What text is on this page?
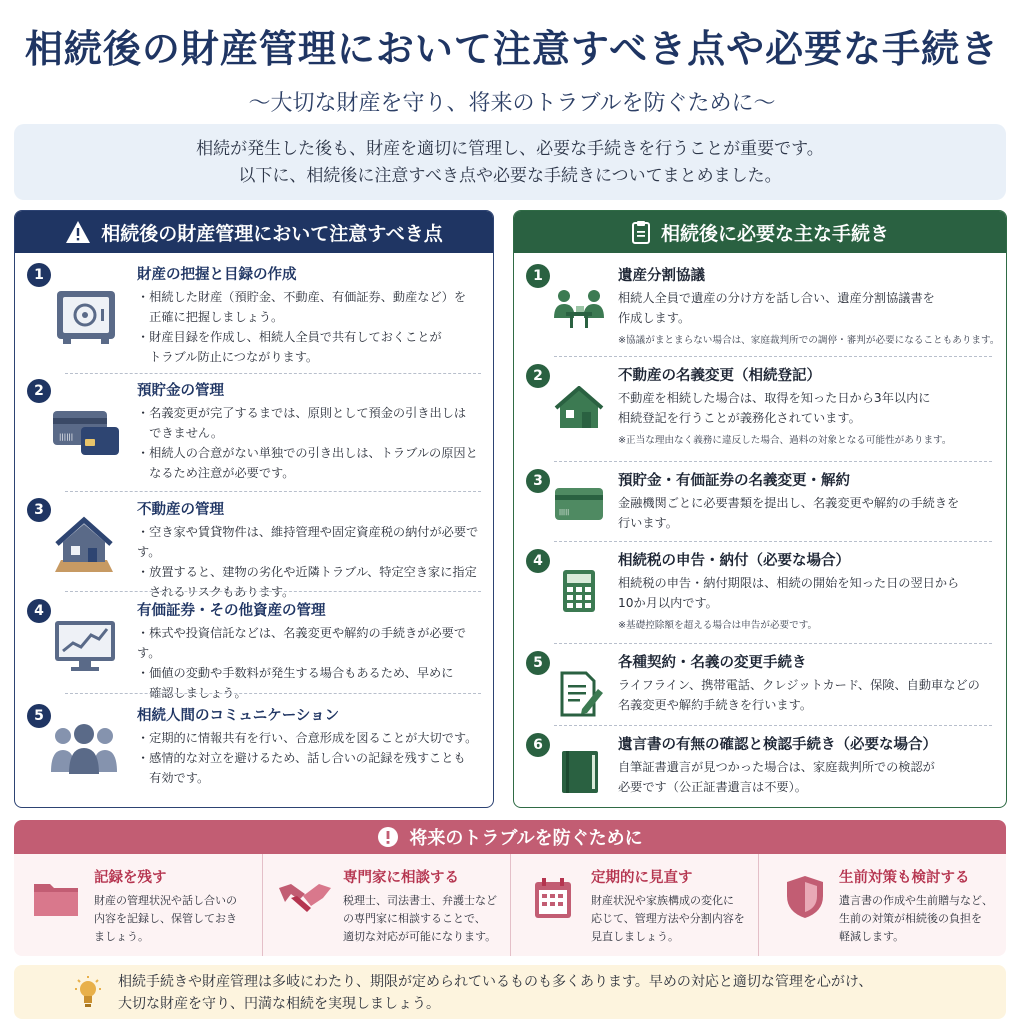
相続後の財産管理において注意すべき点や必要な手続き
〜大切な財産を守り、将来のトラブルを防ぐために〜

相続が発生した後も、財産を適切に管理し、必要な手続きを行うことが重要です。

以下に、相続後に注意すべき点や必要な手続きについてまとめました。

相続後の財産管理において注意すべき点
1	財産の把握と目録の作成
・相続した財産（預貯金、不動産、有価証券、動産など）を
　正確に把握しましょう。
・財産目録を作成し、相続人全員で共有しておくことが
　トラブル防止につながります。
2
||||||
預貯金の管理
・名義変更が完了するまでは、原則として預金の引き出しは
　できません。
・相続人の合意がない単独での引き出しは、トラブルの原因と
　なるため注意が必要です。
3	不動産の管理
・空き家や賃貸物件は、維持管理や固定資産税の納付が必要です。
・放置すると、建物の劣化や近隣トラブル、特定空き家に指定
　されるリスクもあります。
4	有価証券・その他資産の管理
・株式や投資信託などは、名義変更や解約の手続きが必要です。
・価値の変動や手数料が発生する場合もあるため、早めに
　確認しましょう。
5	相続人間のコミュニケーション
・定期的に情報共有を行い、合意形成を図ることが大切です。
・感情的な対立を避けるため、話し合いの記録を残すことも
　有効です。
相続後に必要な主な手続き
1	遺産分割協議
相続人全員で遺産の分け方を話し合い、遺産分割協議書を
作成します。
※協議がまとまらない場合は、家庭裁判所での調停・審判が必要になることもあります。
2	不動産の名義変更（相続登記）
不動産を相続した場合は、取得を知った日から3年以内に
相続登記を行うことが義務化されています。
※正当な理由なく義務に違反した場合、過料の対象となる可能性があります。
3
|||||
預貯金・有価証券の名義変更・解約
金融機関ごとに必要書類を提出し、名義変更や解約の手続きを
行います。
4	相続税の申告・納付（必要な場合）
相続税の申告・納付期限は、相続の開始を知った日の翌日から
10か月以内です。
※基礎控除額を超える場合は申告が必要です。
5	各種契約・名義の変更手続き
ライフライン、携帯電話、クレジットカード、保険、自動車などの
名義変更や解約手続きを行います。
6	遺言書の有無の確認と検認手続き（必要な場合）
自筆証書遺言が見つかった場合は、家庭裁判所での検認が
必要です（公正証書遺言は不要）。
将来のトラブルを防ぐために
記録を残す
財産の管理状況や話し合いの
内容を記録し、保管しておき
ましょう。
専門家に相談する
税理士、司法書士、弁護士など
の専門家に相談することで、
適切な対応が可能になります。
定期的に見直す
財産状況や家族構成の変化に
応じて、管理方法や分割内容を
見直しましょう。
生前対策も検討する
遺言書の作成や生前贈与など、
生前の対策が相続後の負担を
軽減します。

相続手続きや財産管理は多岐にわたり、期限が定められているものも多くあります。早めの対応と適切な管理を心がけ、
大切な財産を守り、円満な相続を実現しましょう。
